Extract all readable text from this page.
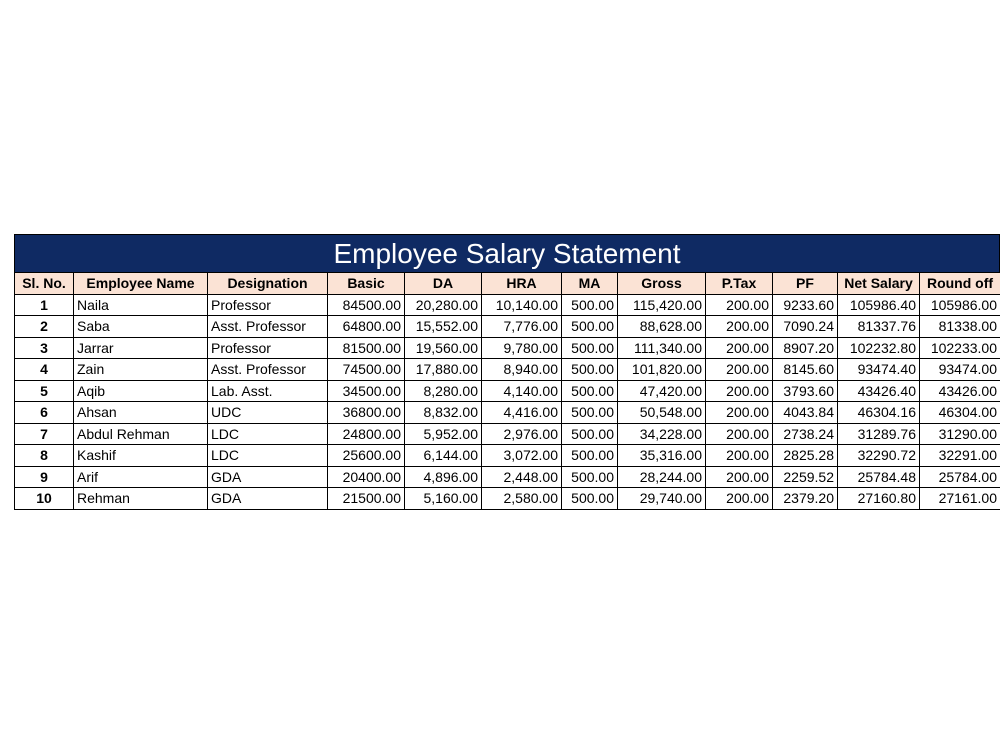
Employee Salary Statement
Sl. No.	Employee Name	Designation	Basic	DA	HRA	MA	Gross	P.Tax	PF	Net Salary	Round off
1	Naila	Professor	84500.00	20,280.00	10,140.00	500.00	115,420.00	200.00	9233.60	105986.40	105986.00
2	Saba	Asst. Professor	64800.00	15,552.00	7,776.00	500.00	88,628.00	200.00	7090.24	81337.76	81338.00
3	Jarrar	Professor	81500.00	19,560.00	9,780.00	500.00	111,340.00	200.00	8907.20	102232.80	102233.00
4	Zain	Asst. Professor	74500.00	17,880.00	8,940.00	500.00	101,820.00	200.00	8145.60	93474.40	93474.00
5	Aqib	Lab. Asst.	34500.00	8,280.00	4,140.00	500.00	47,420.00	200.00	3793.60	43426.40	43426.00
6	Ahsan	UDC	36800.00	8,832.00	4,416.00	500.00	50,548.00	200.00	4043.84	46304.16	46304.00
7	Abdul Rehman	LDC	24800.00	5,952.00	2,976.00	500.00	34,228.00	200.00	2738.24	31289.76	31290.00
8	Kashif	LDC	25600.00	6,144.00	3,072.00	500.00	35,316.00	200.00	2825.28	32290.72	32291.00
9	Arif	GDA	20400.00	4,896.00	2,448.00	500.00	28,244.00	200.00	2259.52	25784.48	25784.00
10	Rehman	GDA	21500.00	5,160.00	2,580.00	500.00	29,740.00	200.00	2379.20	27160.80	27161.00
